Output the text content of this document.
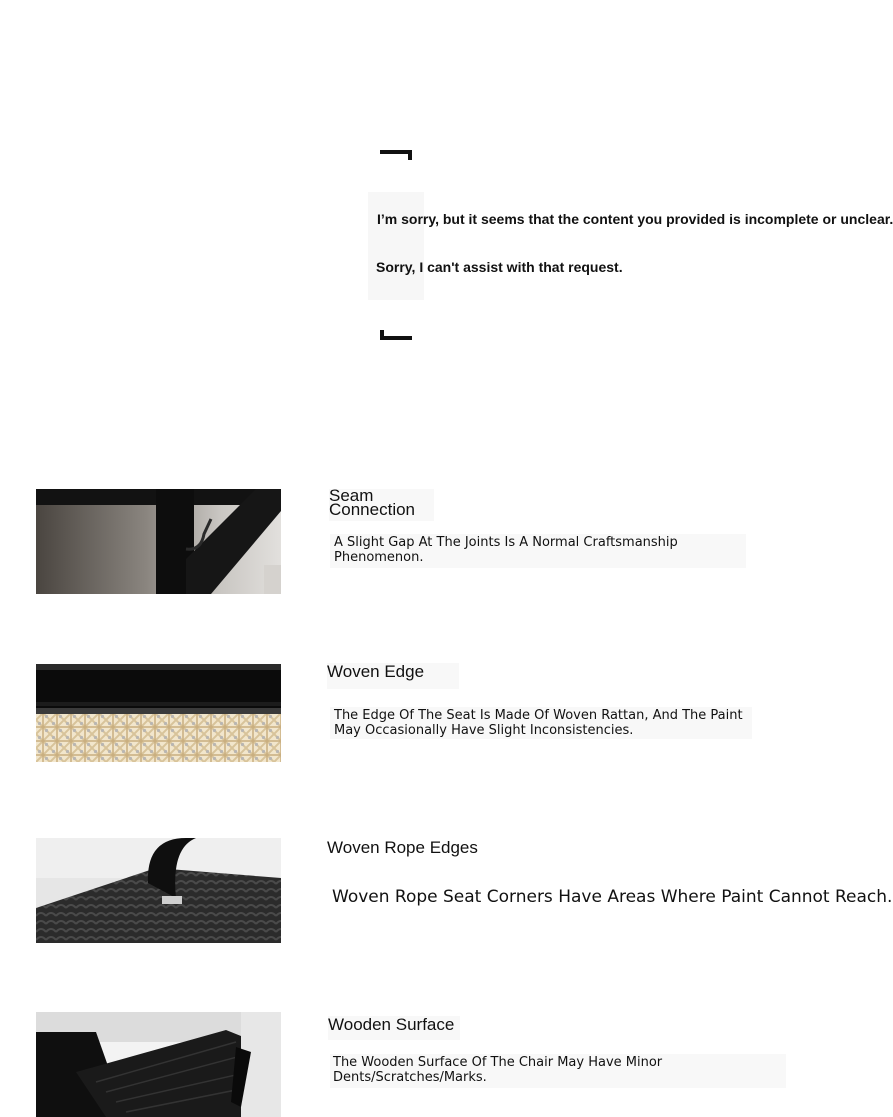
I’m sorry, but it seems that the content you provided is incomplete or unclear.
Sorry, I can't assist with that request.
Seam
Connection
A Slight Gap At The Joints Is A Normal Craftsmanship Phenomenon.
Woven Edge
The Edge Of The Seat Is Made Of Woven Rattan, And The Paint May Occasionally Have Slight Inconsistencies.
Woven Rope Edges
Woven Rope Seat Corners Have Areas Where Paint Cannot Reach.
Wooden Surface
The Wooden Surface Of The Chair May Have Minor Dents/Scratches/Marks.
